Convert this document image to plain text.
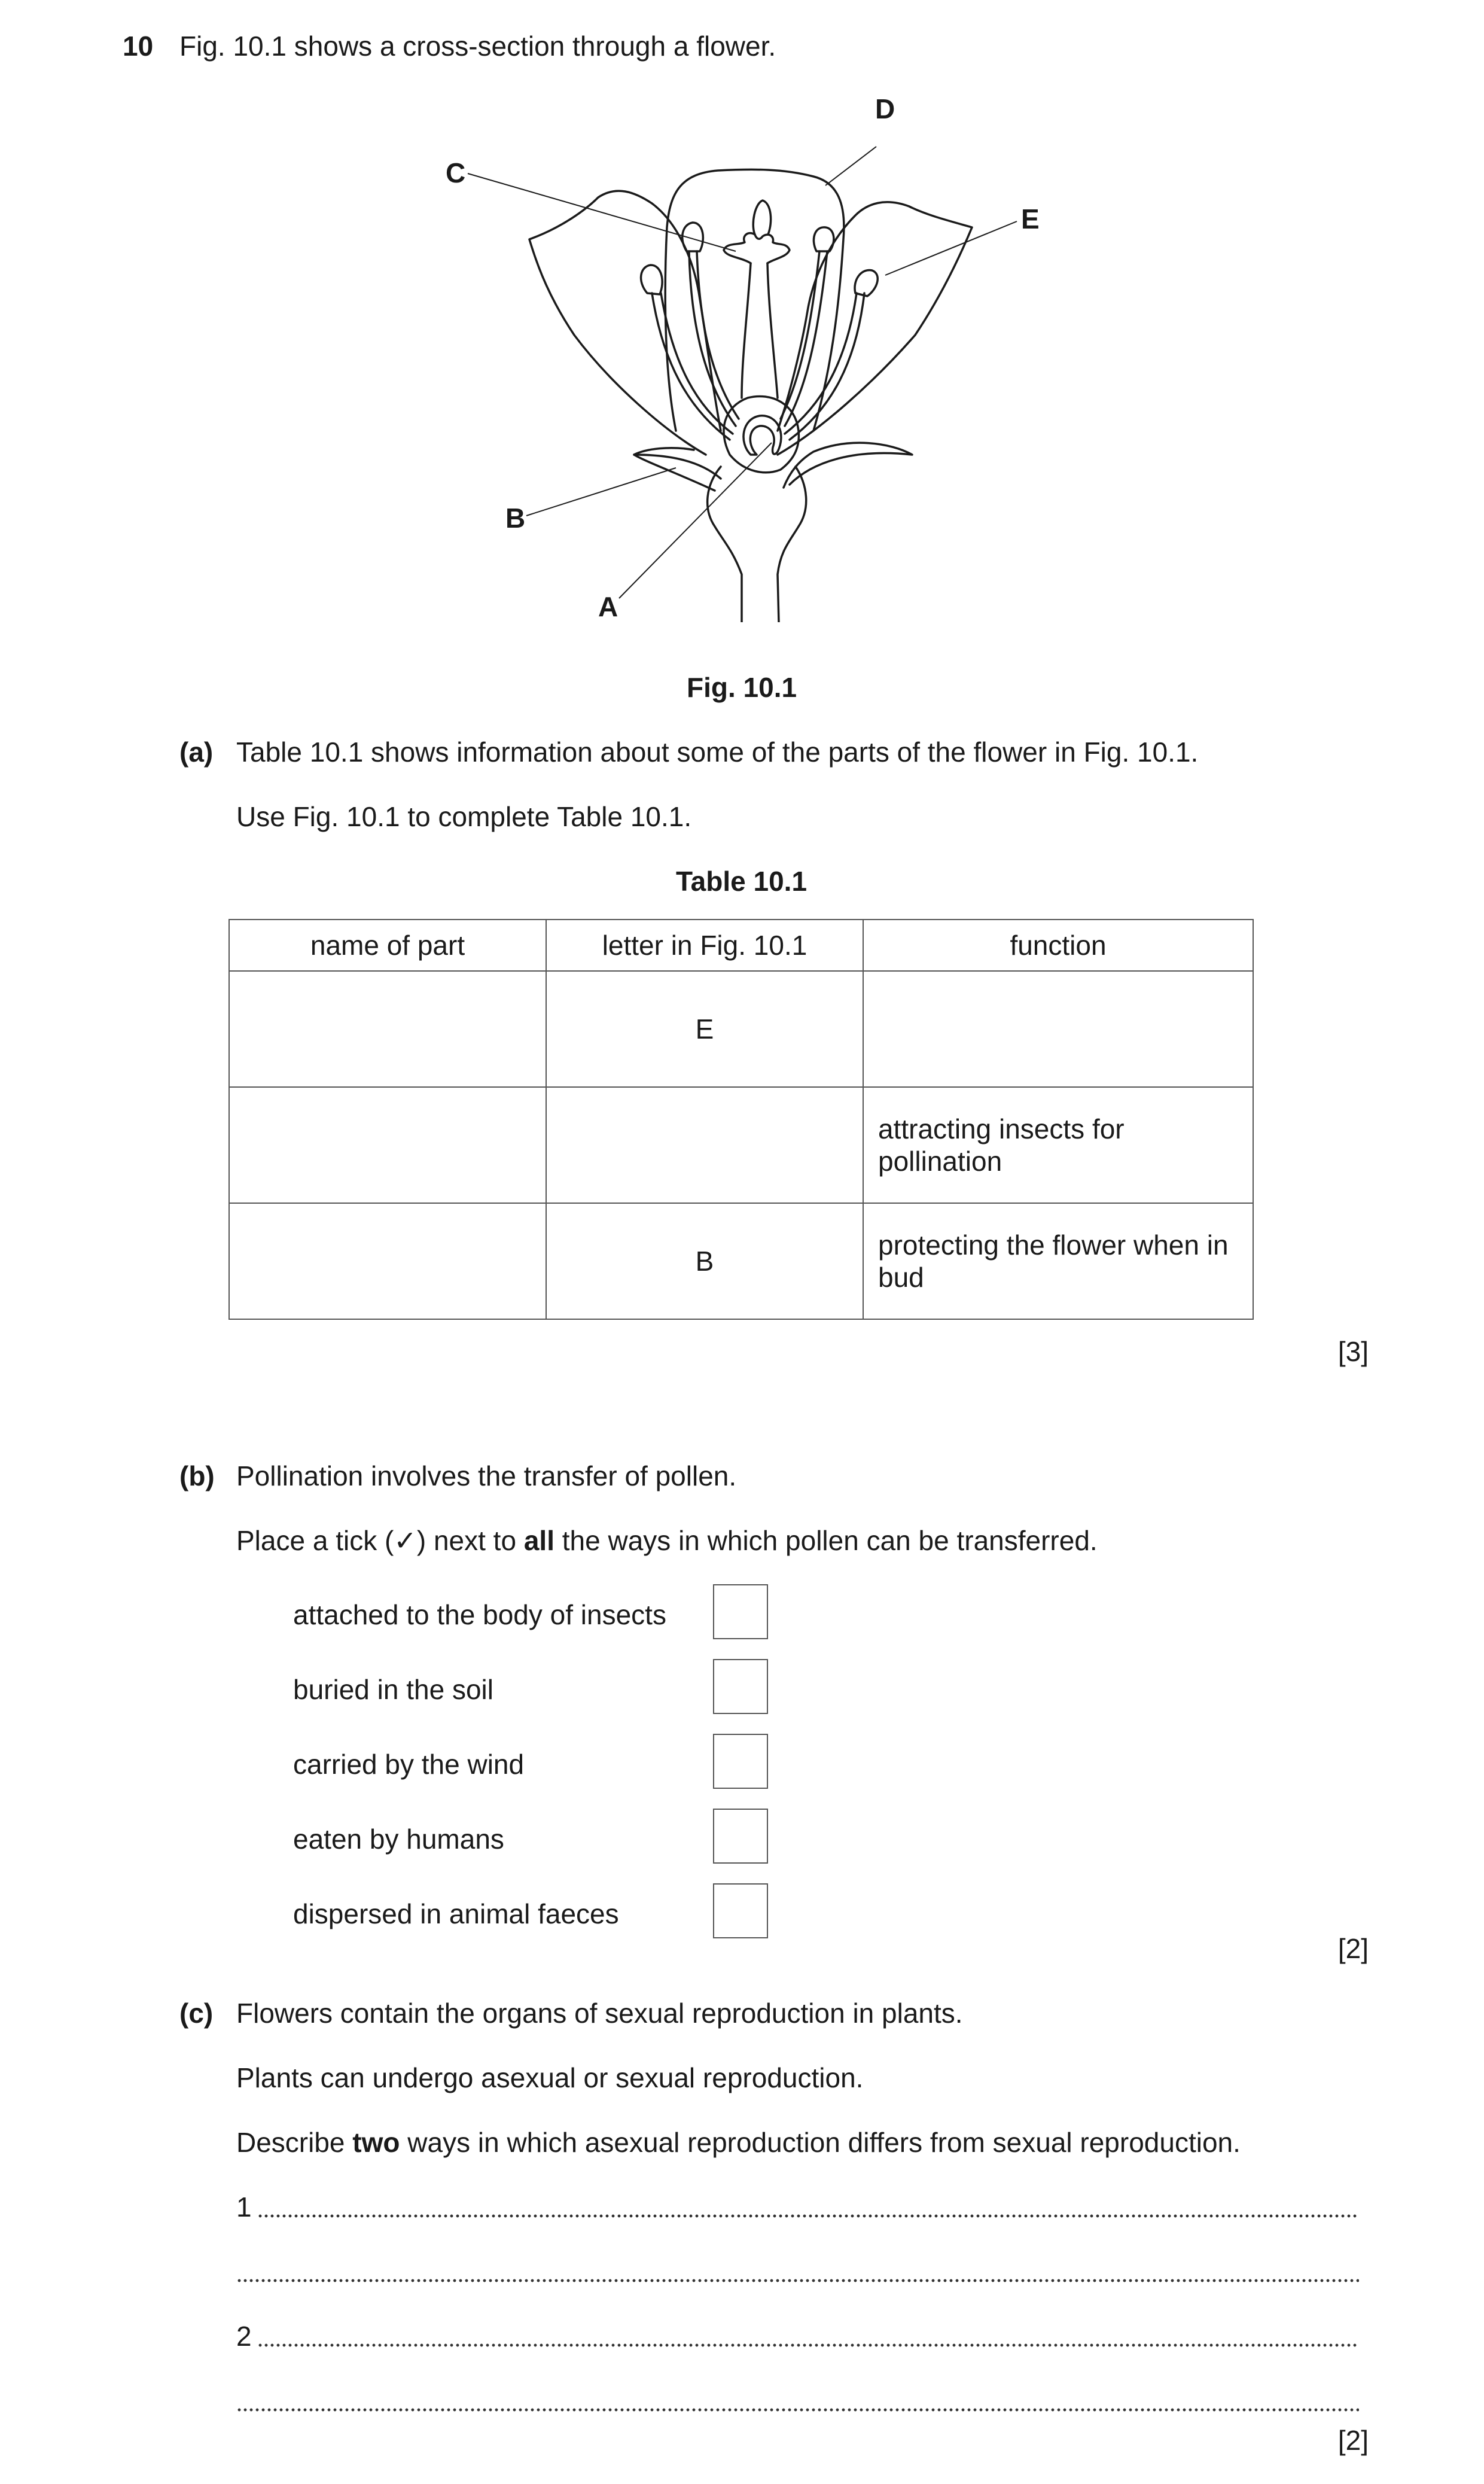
10 Fig. 10.1 shows a cross-section through a flower.
C
D
E
B
A
Fig. 10.1
(a) Table 10.1 shows information about some of the parts of the flower in Fig. 10.1.
Use Fig. 10.1 to complete Table 10.1.
Table 10.1
name of part	letter in Fig. 10.1	function
	E	
		attracting insects for pollination
	B	protecting the flower when in bud
[3]
(b) Pollination involves the transfer of pollen.
Place a tick (✓) next to all the ways in which pollen can be transferred.
attached to the body of insects
buried in the soil
carried by the wind
eaten by humans
dispersed in animal faeces
[2]
(c) Flowers contain the organs of sexual reproduction in plants.
Plants can undergo asexual or sexual reproduction.
Describe two ways in which asexual reproduction differs from sexual reproduction.
1
2
[2]
